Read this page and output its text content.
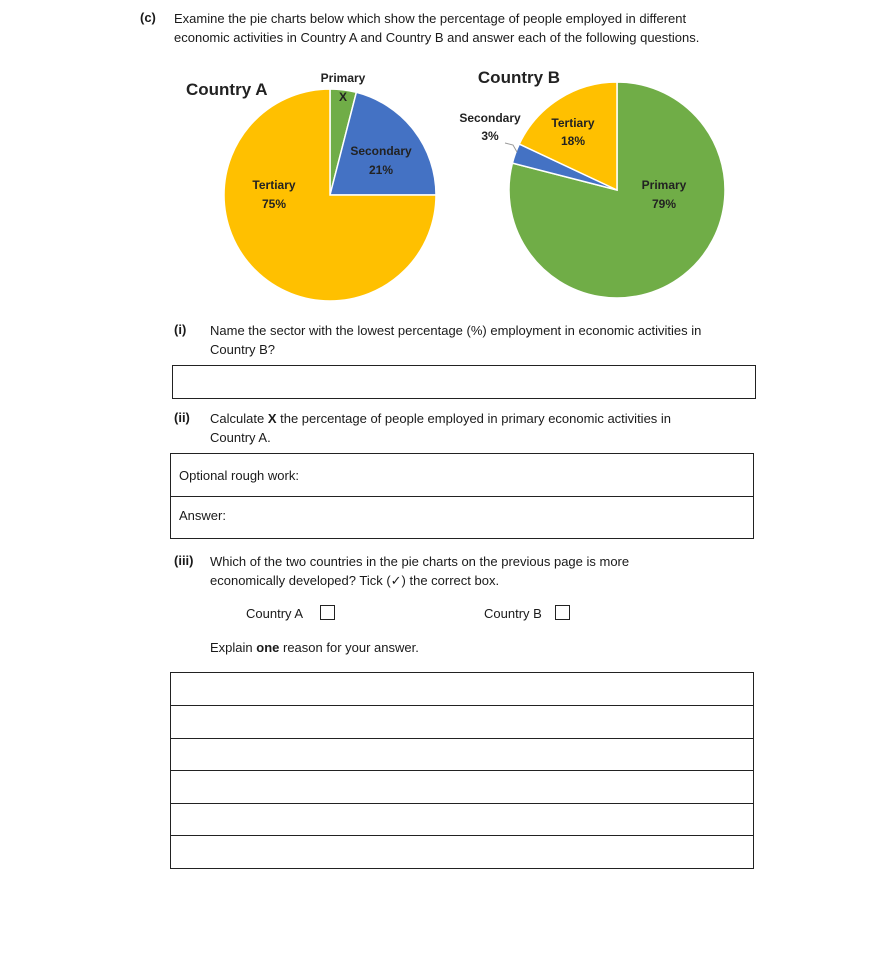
(c) Examine the pie charts below which show the percentage of people employed in different
economic activities in Country A and Country B and answer each of the following questions.
Country A
Primary
X
Secondary
21%
Tertiary
75%
Country B
Secondary
3%
Tertiary
18%
Primary
79%
(i) Name the sector with the lowest percentage (%) employment in economic activities in
Country B?
(ii) Calculate X the percentage of people employed in primary economic activities in
Country A.
Optional rough work:
Answer:
(iii) Which of the two countries in the pie charts on the previous page is more
economically developed? Tick (✓) the correct box.
Country A	Country B
Explain one reason for your answer.
